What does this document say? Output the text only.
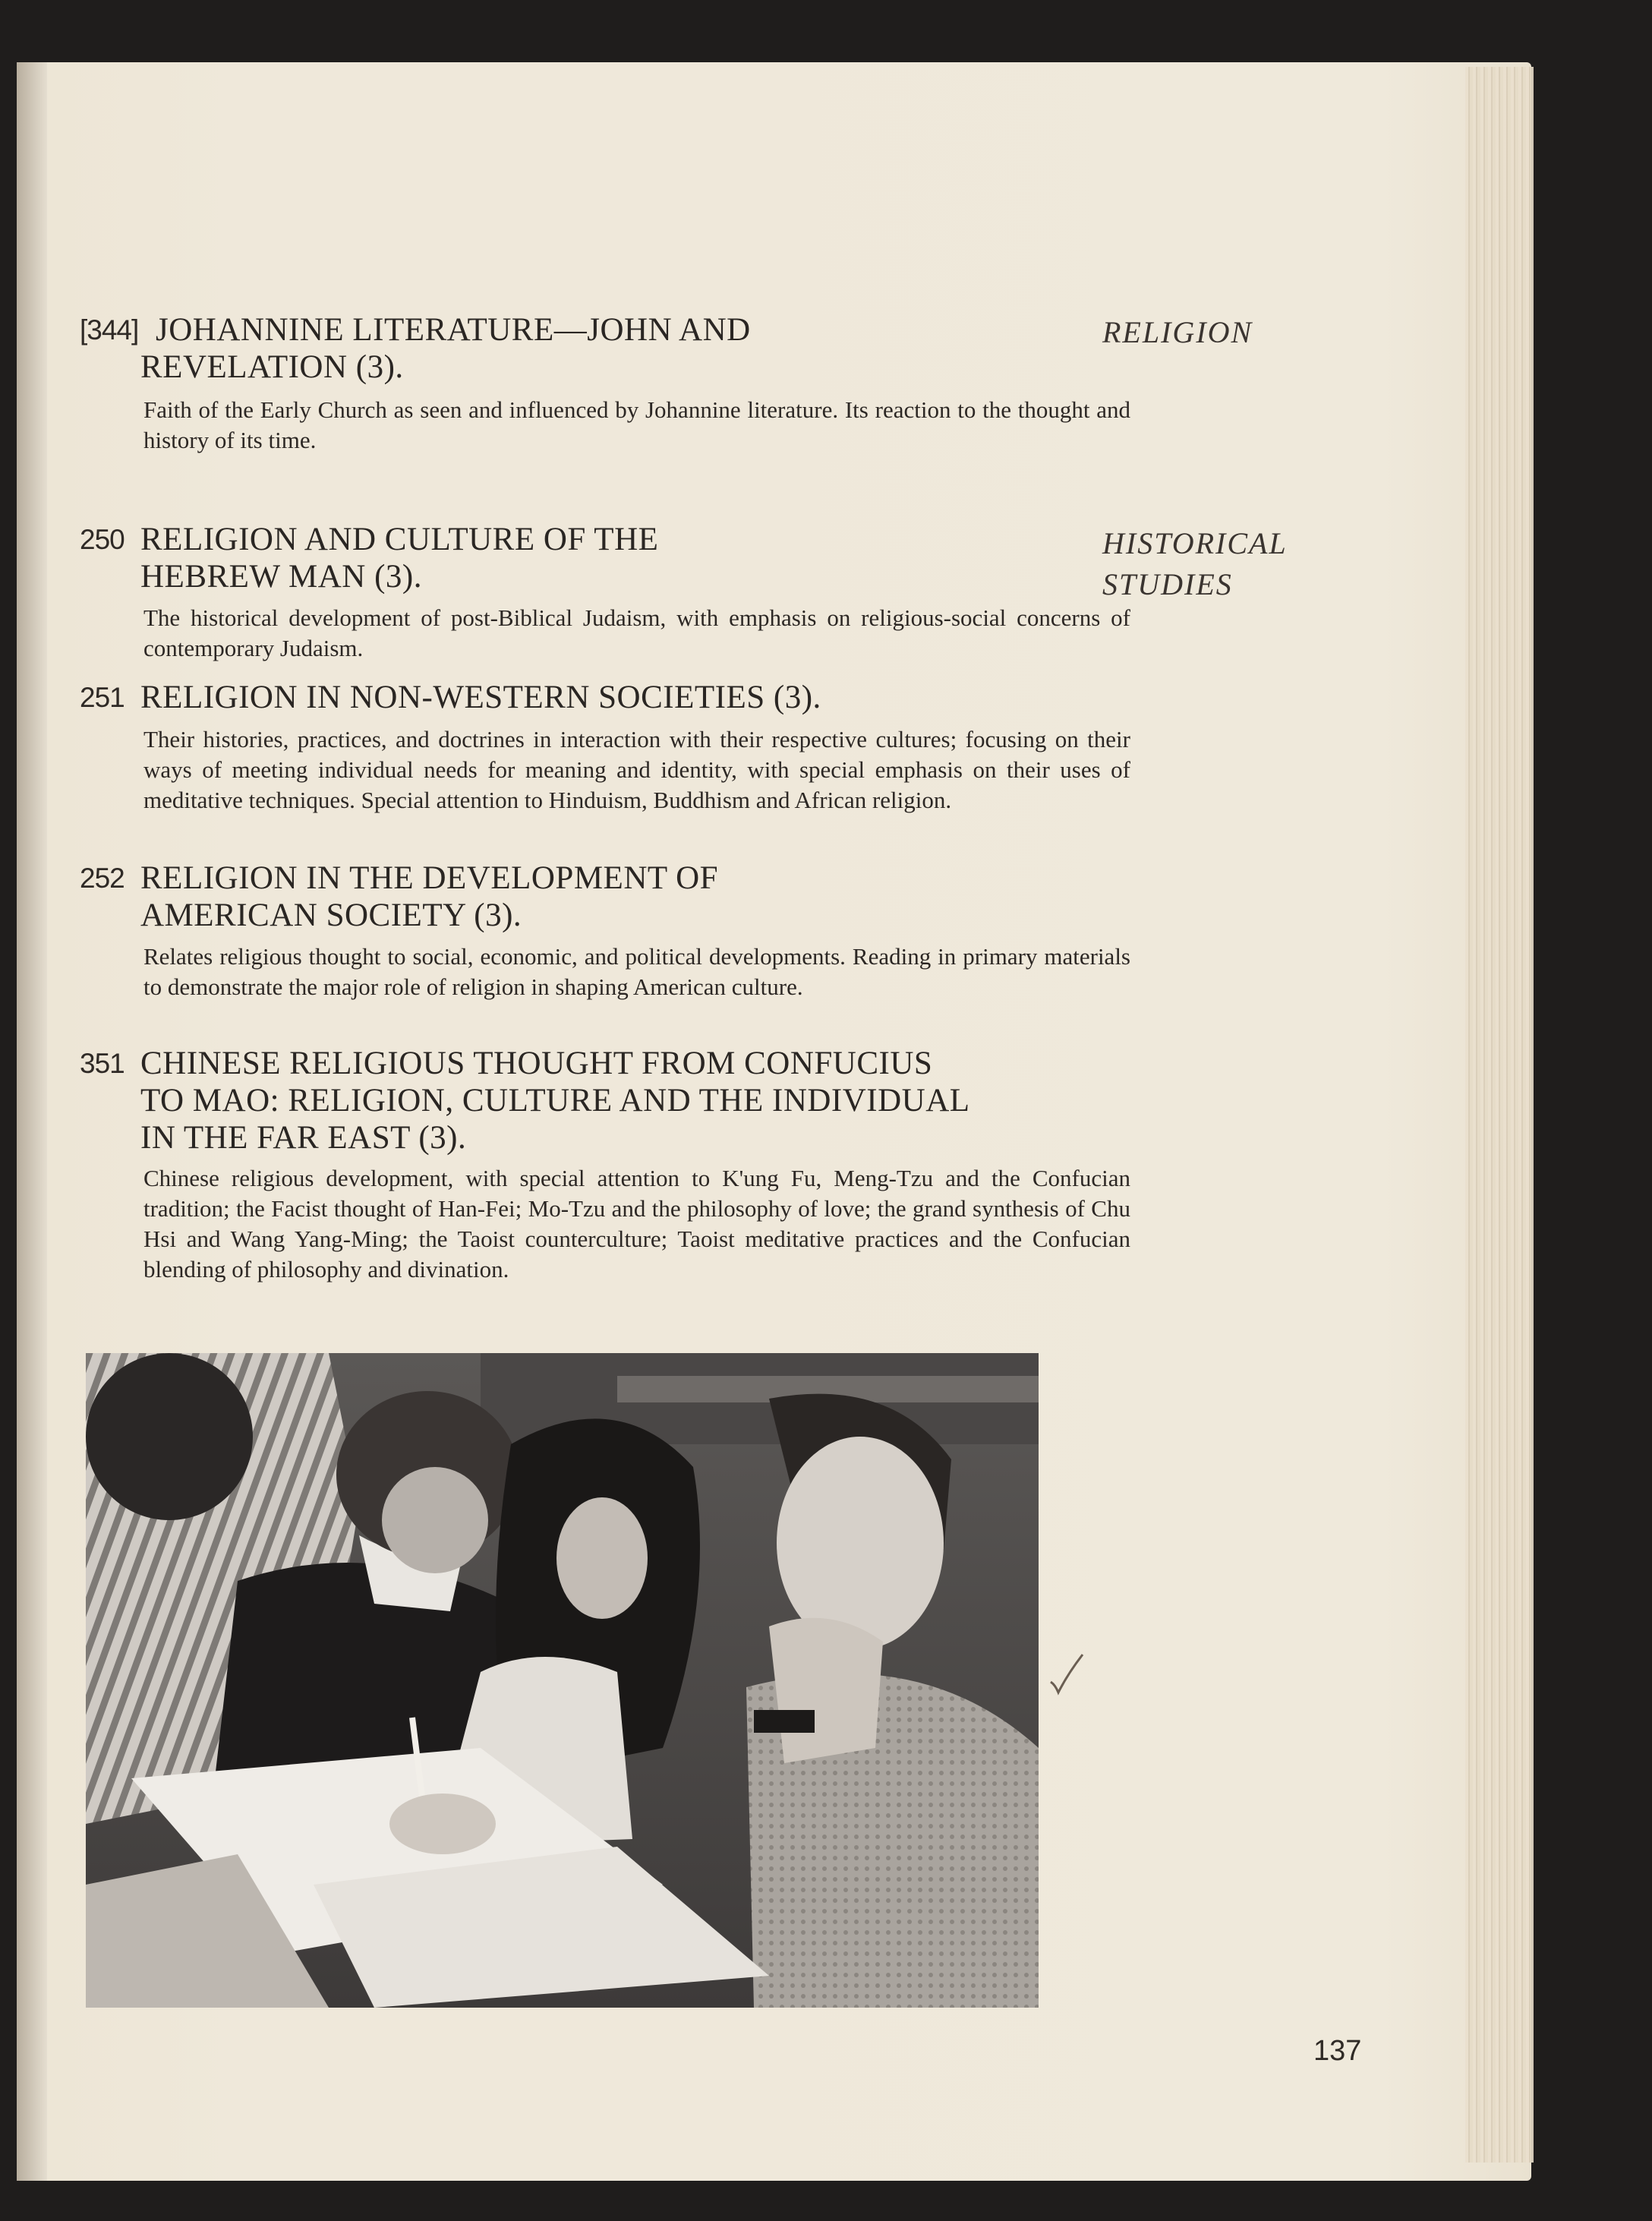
RELIGION
HISTORICAL
STUDIES
[344] JOHANNINE LITERATURE—JOHN AND
REVELATION (3).
Faith of the Early Church as seen and influenced by Johannine literature. Its reaction to the thought and history of its time.
250 RELIGION AND CULTURE OF THE
HEBREW MAN (3).
The historical development of post-Biblical Judaism, with emphasis on religious-social concerns of contemporary Judaism.
251 RELIGION IN NON-WESTERN SOCIETIES (3).
Their histories, practices, and doctrines in interaction with their respective cultures; focusing on their ways of meeting individual needs for meaning and identity, with special emphasis on their uses of meditative techniques. Special attention to Hinduism, Buddhism and African religion.
252 RELIGION IN THE DEVELOPMENT OF
AMERICAN SOCIETY (3).
Relates religious thought to social, economic, and political developments. Reading in primary materials to demonstrate the major role of religion in shaping American culture.
351 CHINESE RELIGIOUS THOUGHT FROM CONFUCIUS
TO MAO: RELIGION, CULTURE AND THE INDIVIDUAL
IN THE FAR EAST (3).
Chinese religious development, with special attention to K'ung Fu, Meng-Tzu and the Confucian tradition; the Facist thought of Han-Fei; Mo-Tzu and the philosophy of love; the grand synthesis of Chu Hsi and Wang Yang-Ming; the Taoist counterculture; Taoist meditative practices and the Confucian blending of philosophy and divination.
137
